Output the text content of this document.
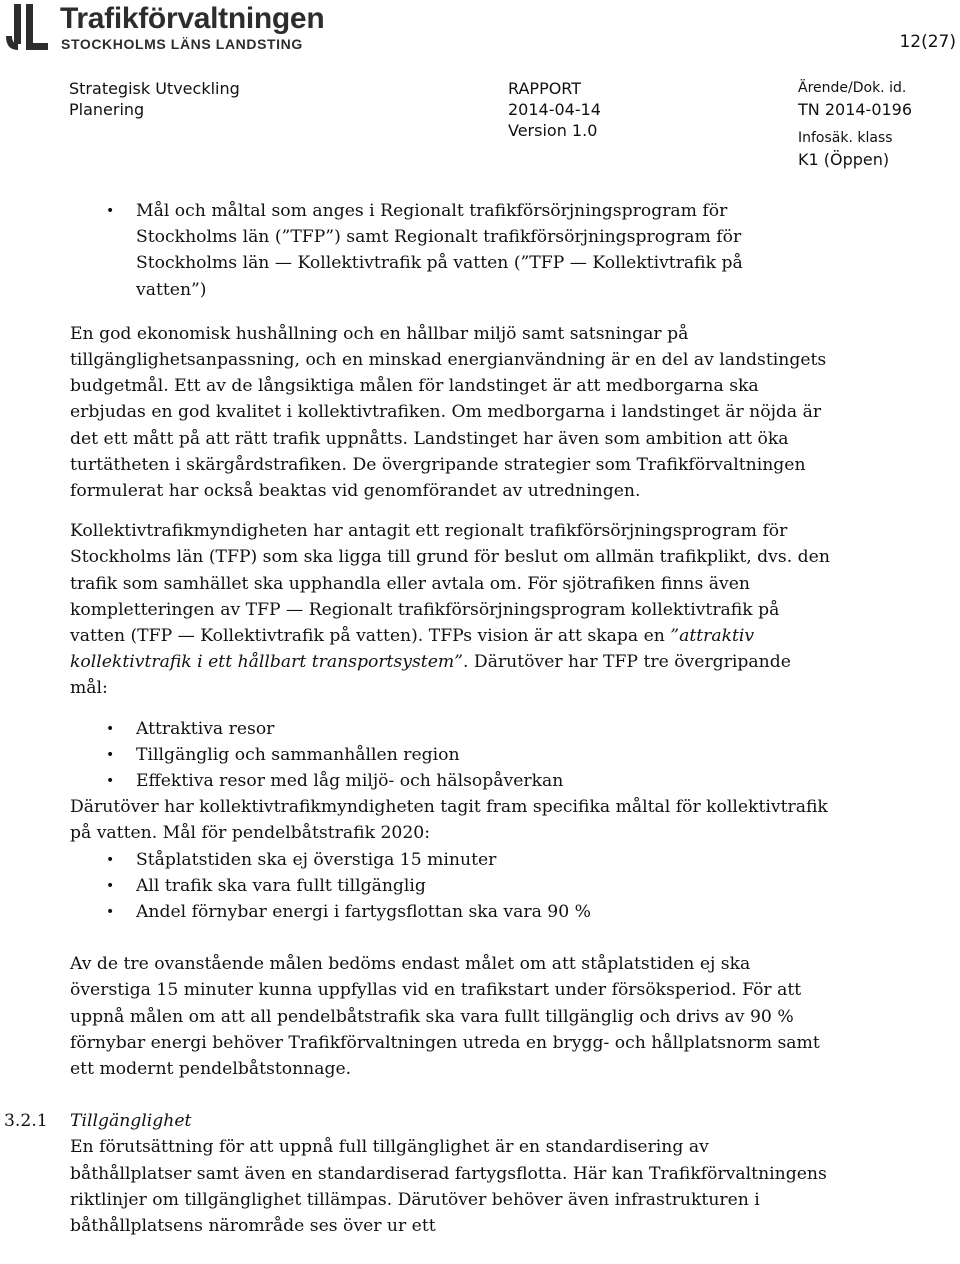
Trafikförvaltningen
STOCKHOLMS LÄNS LANDSTING	12(27)
Strategisk Utveckling
Planering
RAPPORT
2014-04-14
Version 1.0
Ärende/Dok. id.
TN 2014-0196
Infosäk. klass
K1 (Öppen)
• Mål och måltal som anges i Regionalt trafikförsörjningsprogram för Stockholms län (”TFP”) samt Regionalt trafikförsörjningsprogram för Stockholms län — Kollektivtrafik på vatten (”TFP — Kollektivtrafik på vatten”)
En god ekonomisk hushållning och en hållbar miljö samt satsningar på tillgänglighetsanpassning, och en minskad energianvändning är en del av landstingets budgetmål. Ett av de långsiktiga målen för landstinget är att medborgarna ska erbjudas en god kvalitet i kollektivtrafiken. Om medborgarna i landstinget är nöjda är det ett mått på att rätt trafik uppnåtts. Landstinget har även som ambition att öka turtätheten i skärgårdstrafiken. De övergripande strategier som Trafikförvaltningen formulerat har också beaktas vid genomförandet av utredningen.
Kollektivtrafikmyndigheten har antagit ett regionalt trafikförsörjningsprogram för Stockholms län (TFP) som ska ligga till grund för beslut om allmän trafikplikt, dvs. den trafik som samhället ska upphandla eller avtala om. För sjötrafiken finns även kompletteringen av TFP — Regionalt trafikförsörjningsprogram kollektivtrafik på vatten (TFP — Kollektivtrafik på vatten). TFPs vision är att skapa en ”attraktiv kollektivtrafik i ett hållbart transportsystem”. Därutöver har TFP tre övergripande mål:
• Attraktiva resor
• Tillgänglig och sammanhållen region
• Effektiva resor med låg miljö- och hälsopåverkan
Därutöver har kollektivtrafikmyndigheten tagit fram specifika måltal för kollektivtrafik på vatten. Mål för pendelbåtstrafik 2020:
• Ståplatstiden ska ej överstiga 15 minuter
• All trafik ska vara fullt tillgänglig
• Andel förnybar energi i fartygsflottan ska vara 90 %
Av de tre ovanstående målen bedöms endast målet om att ståplatstiden ej ska överstiga 15 minuter kunna uppfyllas vid en trafikstart under försöksperiod. För att uppnå målen om att all pendelbåtstrafik ska vara fullt tillgänglig och drivs av 90 % förnybar energi behöver Trafikförvaltningen utreda en brygg- och hållplatsnorm samt ett modernt pendelbåtstonnage.
3.2.1 Tillgänglighet
En förutsättning för att uppnå full tillgänglighet är en standardisering av båthållplatser samt även en standardiserad fartygsflotta. Här kan Trafikförvaltningens riktlinjer om tillgänglighet tillämpas. Därutöver behöver även infrastrukturen i båthållplatsens närområde ses över ur ett
